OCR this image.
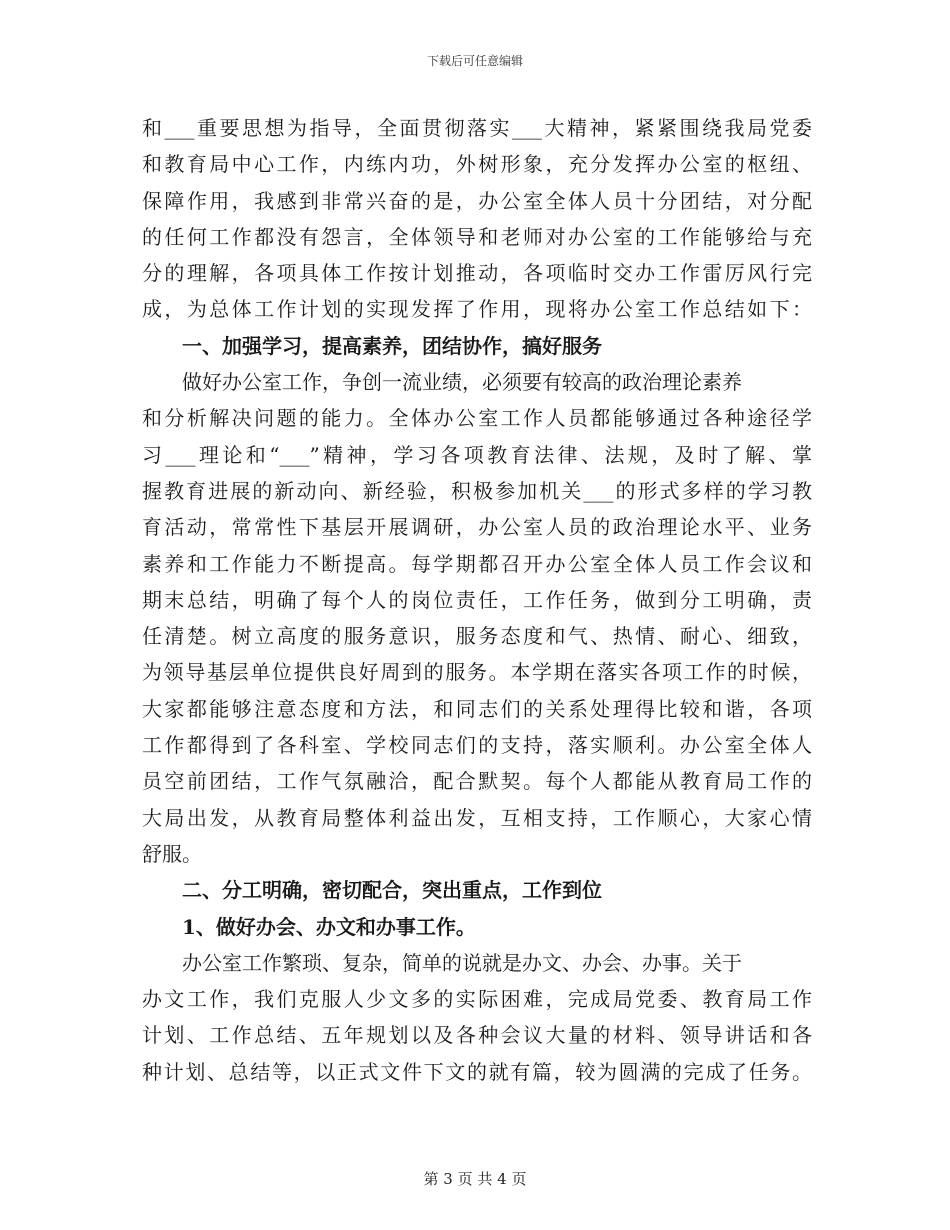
下载后可任意编辑
和___重要思想为指导，全面贯彻落实___大精神，紧紧围绕我局党委
和教育局中心工作，内练内功，外树形象，充分发挥办公室的枢纽、
保障作用，我感到非常兴奋的是，办公室全体人员十分团结，对分配
的任何工作都没有怨言，全体领导和老师对办公室的工作能够给与充
分的理解，各项具体工作按计划推动，各项临时交办工作雷厉风行完
成，为总体工作计划的实现发挥了作用，现将办公室工作总结如下：
一、加强学习，提高素养，团结协作，搞好服务
做好办公室工作，争创一流业绩，必须要有较高的政治理论素养
和分析解决问题的能力。全体办公室工作人员都能够通过各种途径学
习___理论和“___”精神，学习各项教育法律、法规，及时了解、掌
握教育进展的新动向、新经验，积极参加机关___的形式多样的学习教
育活动，常常性下基层开展调研，办公室人员的政治理论水平、业务
素养和工作能力不断提高。每学期都召开办公室全体人员工作会议和
期末总结，明确了每个人的岗位责任，工作任务，做到分工明确，责
任清楚。树立高度的服务意识，服务态度和气、热情、耐心、细致，
为领导基层单位提供良好周到的服务。本学期在落实各项工作的时候，
大家都能够注意态度和方法，和同志们的关系处理得比较和谐，各项
工作都得到了各科室、学校同志们的支持，落实顺利。办公室全体人
员空前团结，工作气氛融洽，配合默契。每个人都能从教育局工作的
大局出发，从教育局整体利益出发，互相支持，工作顺心，大家心情
舒服。
二、分工明确，密切配合，突出重点，工作到位
1、做好办会、办文和办事工作。
办公室工作繁琐、复杂，简单的说就是办文、办会、办事。关于
办文工作，我们克服人少文多的实际困难，完成局党委、教育局工作
计划、工作总结、五年规划以及各种会议大量的材料、领导讲话和各
种计划、总结等，以正式文件下文的就有篇，较为圆满的完成了任务。
第 3 页 共 4 页
